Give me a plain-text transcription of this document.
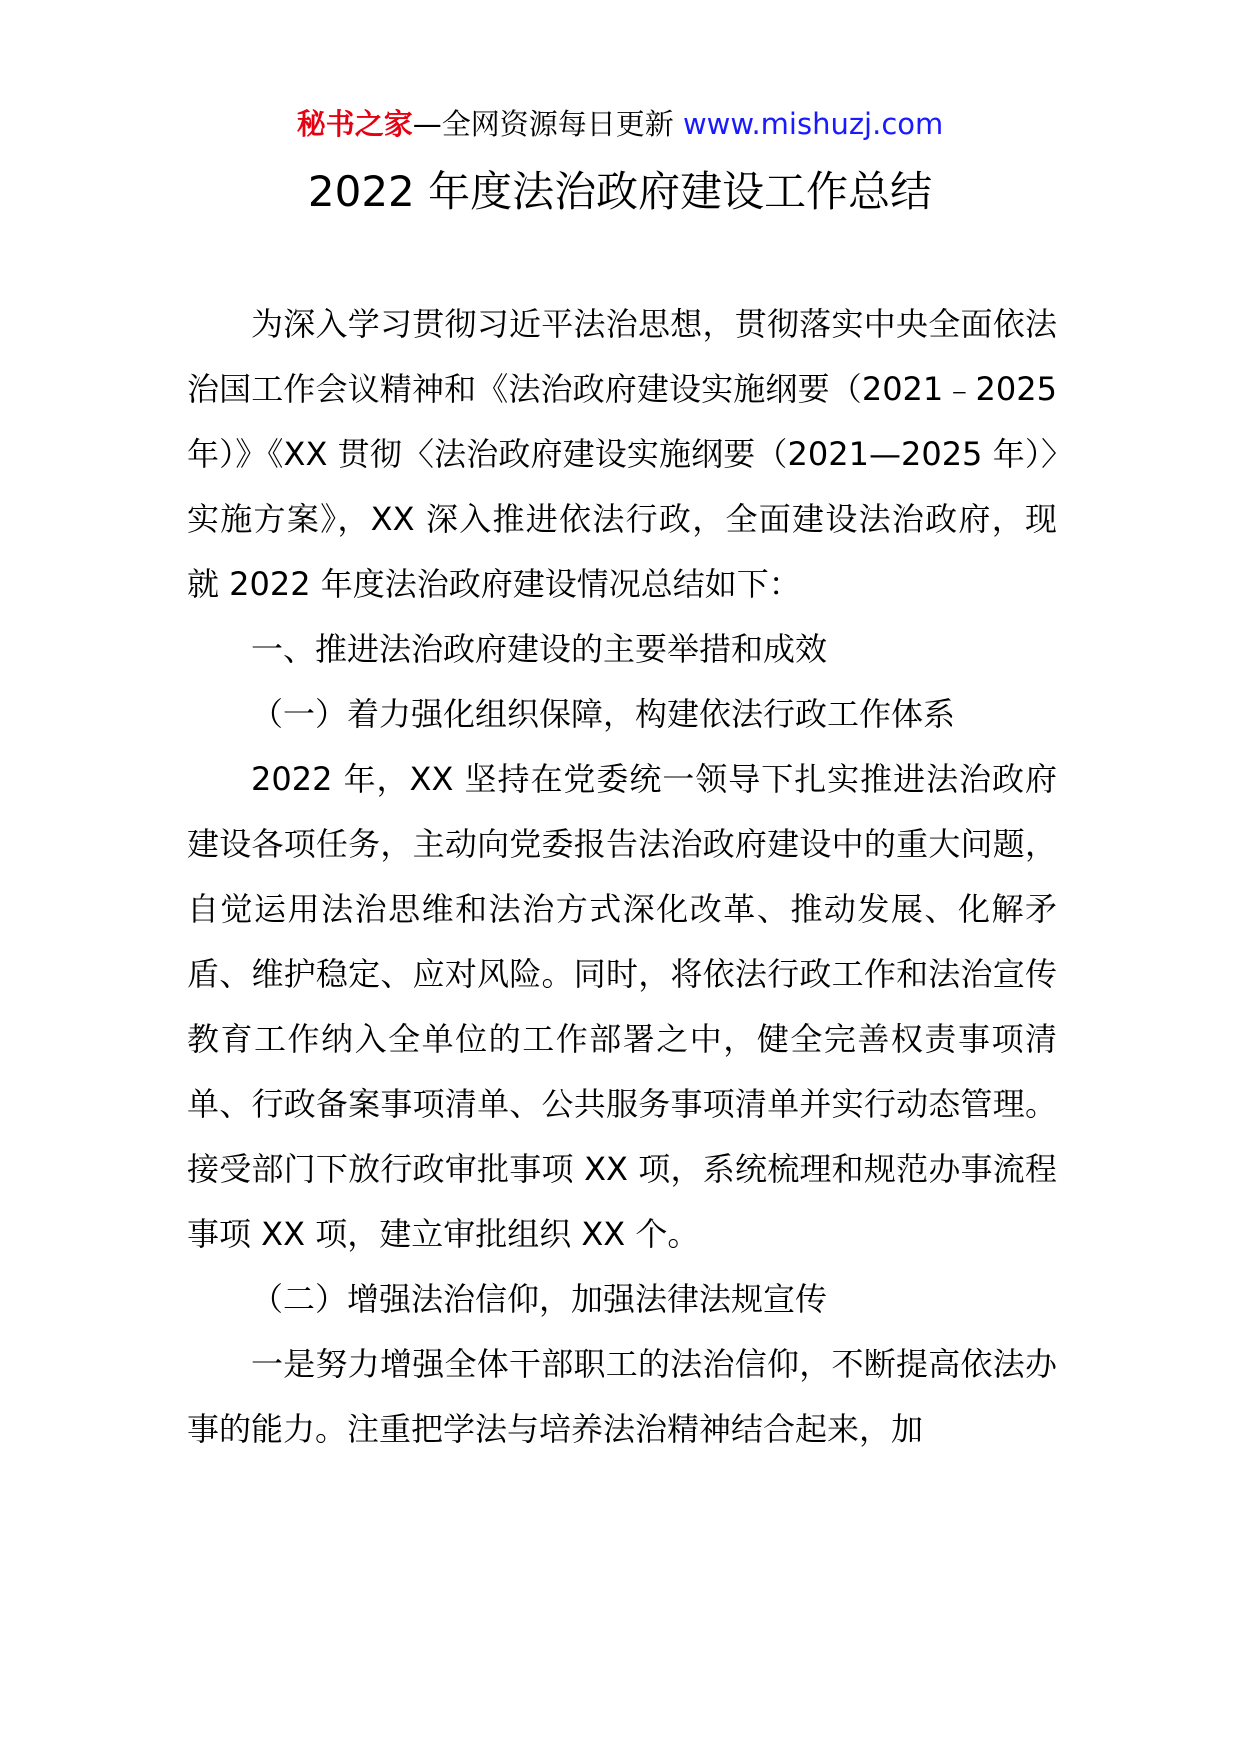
秘书之家—全网资源每日更新 www.mishuzj.com
2022 年度法治政府建设工作总结

为深入学习贯彻习近平法治思想，贯彻落实中央全面依法治国工作会议精神和《法治政府建设实施纲要（2021﹣2025 年）》《XX 贯彻〈法治政府建设实施纲要（2021—2025 年）〉实施方案》，XX 深入推进依法行政，全面建设法治政府，现就 2022 年度法治政府建设情况总结如下：

一、推进法治政府建设的主要举措和成效

（一）着力强化组织保障，构建依法行政工作体系

2022 年，XX 坚持在党委统一领导下扎实推进法治政府建设各项任务，主动向党委报告法治政府建设中的重大问题，自觉运用法治思维和法治方式深化改革、推动发展、化解矛盾、维护稳定、应对风险。同时，将依法行政工作和法治宣传教育工作纳入全单位的工作部署之中，健全完善权责事项清单、行政备案事项清单、公共服务事项清单并实行动态管理。接受部门下放行政审批事项 XX 项，系统梳理和规范办事流程事项 XX 项，建立审批组织 XX 个。

（二）增强法治信仰，加强法律法规宣传

一是努力增强全体干部职工的法治信仰，不断提高依法办事的能力。注重把学法与培养法治精神结合起来，加
